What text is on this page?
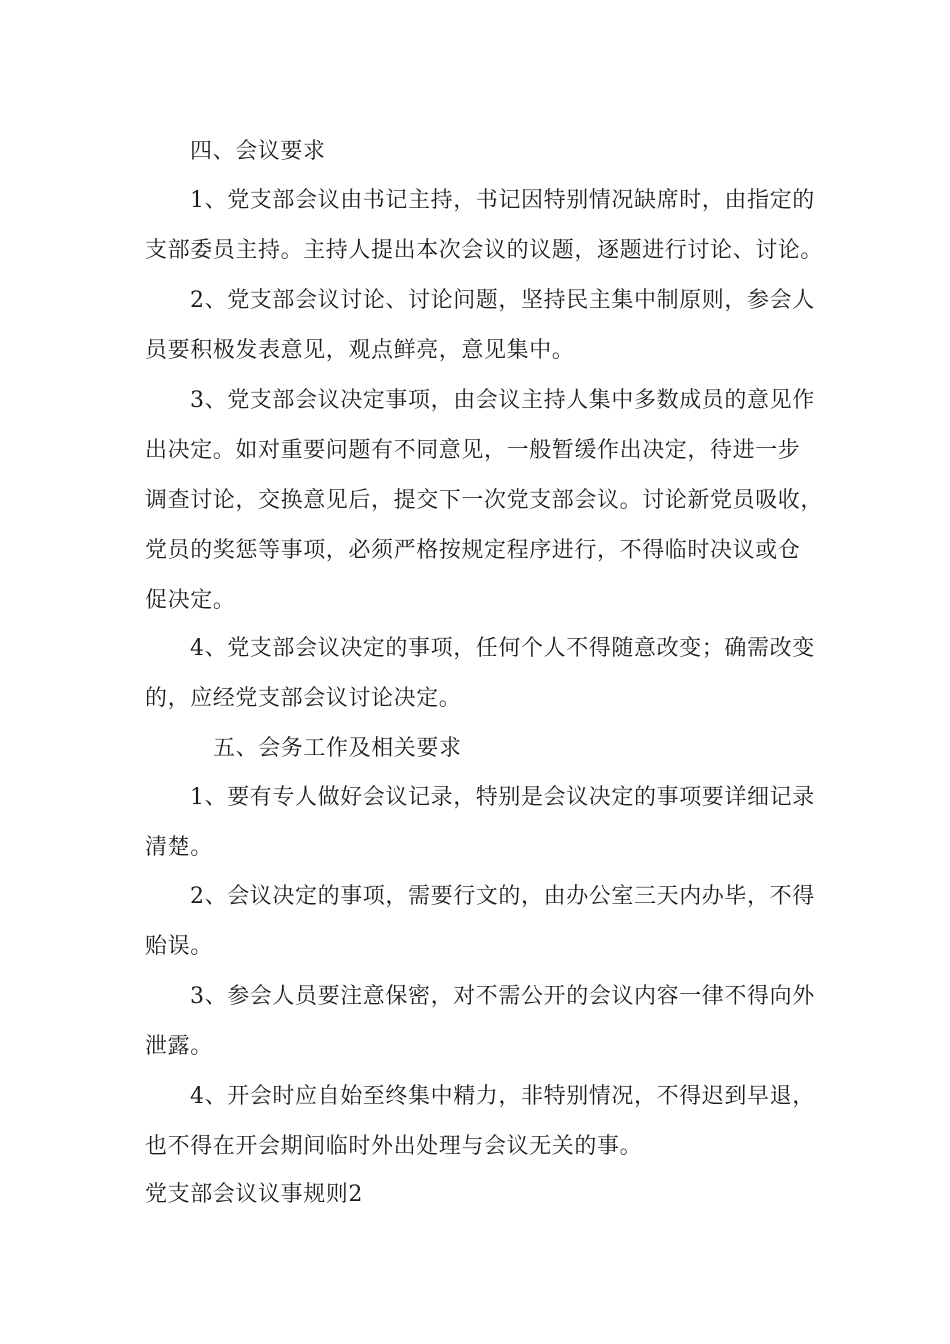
四、会议要求
1、党支部会议由书记主持，书记因特别情况缺席时，由指定的
支部委员主持。主持人提出本次会议的议题，逐题进行讨论、讨论。
2、党支部会议讨论、讨论问题，坚持民主集中制原则，参会人
员要积极发表意见，观点鲜亮，意见集中。
3、党支部会议决定事项，由会议主持人集中多数成员的意见作
出决定。如对重要问题有不同意见，一般暂缓作出决定，待进一步
调查讨论，交换意见后，提交下一次党支部会议。讨论新党员吸收，
党员的奖惩等事项，必须严格按规定程序进行，不得临时决议或仓
促决定。
4、党支部会议决定的事项，任何个人不得随意改变；确需改变
的，应经党支部会议讨论决定。
五、会务工作及相关要求
1、要有专人做好会议记录，特别是会议决定的事项要详细记录
清楚。
2、会议决定的事项，需要行文的，由办公室三天内办毕，不得
贻误。
3、参会人员要注意保密，对不需公开的会议内容一律不得向外
泄露。
4、开会时应自始至终集中精力，非特别情况，不得迟到早退，
也不得在开会期间临时外出处理与会议无关的事。
党支部会议议事规则2
